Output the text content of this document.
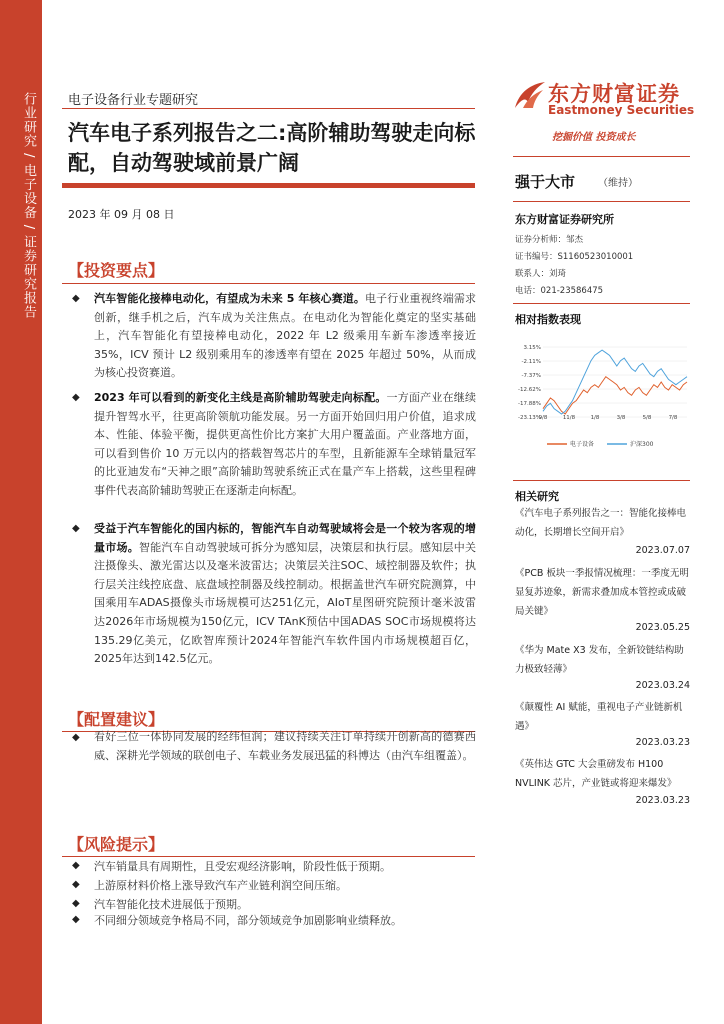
行业研究 / 电子设备 / 证券研究报告 电子设备行业专题研究
汽车电子系列报告之二:高阶辅助驾驶走向标配，自动驾驶域前景广阔
2023 年 09 月 08 日
【投资要点】
◆ 汽车智能化接棒电动化，有望成为未来 5 年核心赛道。电子行业重视终端需求创新，继手机之后，汽车成为关注焦点。在电动化为智能化奠定的坚实基础上，汽车智能化有望接棒电动化，2022 年 L2 级乘用车新车渗透率接近 35%，ICV 预计 L2 级别乘用车的渗透率有望在 2025 年超过 50%，从而成为核心投资赛道。
◆ 2023 年可以看到的新变化主线是高阶辅助驾驶走向标配。一方面产业在继续提升智驾水平，往更高阶领航功能发展。另一方面开始回归用户价值，追求成本、性能、体验平衡，提供更高性价比方案扩大用户覆盖面。产业落地方面，可以看到售价 10 万元以内的搭载智驾芯片的车型，且新能源车全球销量冠军的比亚迪发布“天神之眼”高阶辅助驾驶系统正式在量产车上搭载，这些里程碑事件代表高阶辅助驾驶正在逐渐走向标配。
◆ 受益于汽车智能化的国内标的，智能汽车自动驾驶域将会是一个较为客观的增量市场。智能汽车自动驾驶域可拆分为感知层，决策层和执行层。感知层中关注摄像头、激光雷达以及毫米波雷达；决策层关注SOC、域控制器及软件；执行层关注线控底盘、底盘域控制器及线控制动。根据盖世汽车研究院测算，中国乘用车ADAS摄像头市场规模可达251亿元，AIoT星图研究院预计毫米波雷达2026年市场规模为150亿元，ICV TAnK预估中国ADAS SOC市场规模将达135.29亿美元，亿欧智库预计2024年智能汽车软件国内市场规模超百亿，2025年达到142.5亿元。
【配置建议】
◆ 看好三位一体协同发展的经纬恒润；建议持续关注订单持续开创新高的德赛西威、深耕光学领域的联创电子、车载业务发展迅猛的科博达（由汽车组覆盖）。
【风险提示】
◆ 汽车销量具有周期性，且受宏观经济影响，阶段性低于预期。
◆ 上游原材料价格上涨导致汽车产业链利润空间压缩。
◆ 汽车智能化技术进展低于预期。
◆ 不同细分领域竞争格局不同，部分领域竞争加剧影响业绩释放。
东方财富证券
Eastmoney Securities
挖掘价值 投资成长
强于大市 （维持）
东方财富证券研究所
证券分析师：邹杰
证书编号：S1160523010001
联系人：刘琦
电话：021-23586475
相对指数表现
3.15%
-2.11%
-7.37%
-12.62%
-17.88%
-23.13%
9/8	11/8	1/8	3/8	5/8	7/8
电子设备	沪深300
相关研究
《汽车电子系列报告之一：智能化接棒电动化，长期增长空间开启》
2023.07.07
《PCB 板块一季报情况梳理：一季度无明显复苏迹象，新需求叠加成本管控或成破局关键》
2023.05.25
《华为 Mate X3 发布，全新铰链结构助力极致轻薄》
2023.03.24
《颠覆性 AI 赋能，重视电子产业链新机遇》
2023.03.23
《英伟达 GTC 大会重磅发布 H100 NVLINK 芯片，产业链或将迎来爆发》
2023.03.23
